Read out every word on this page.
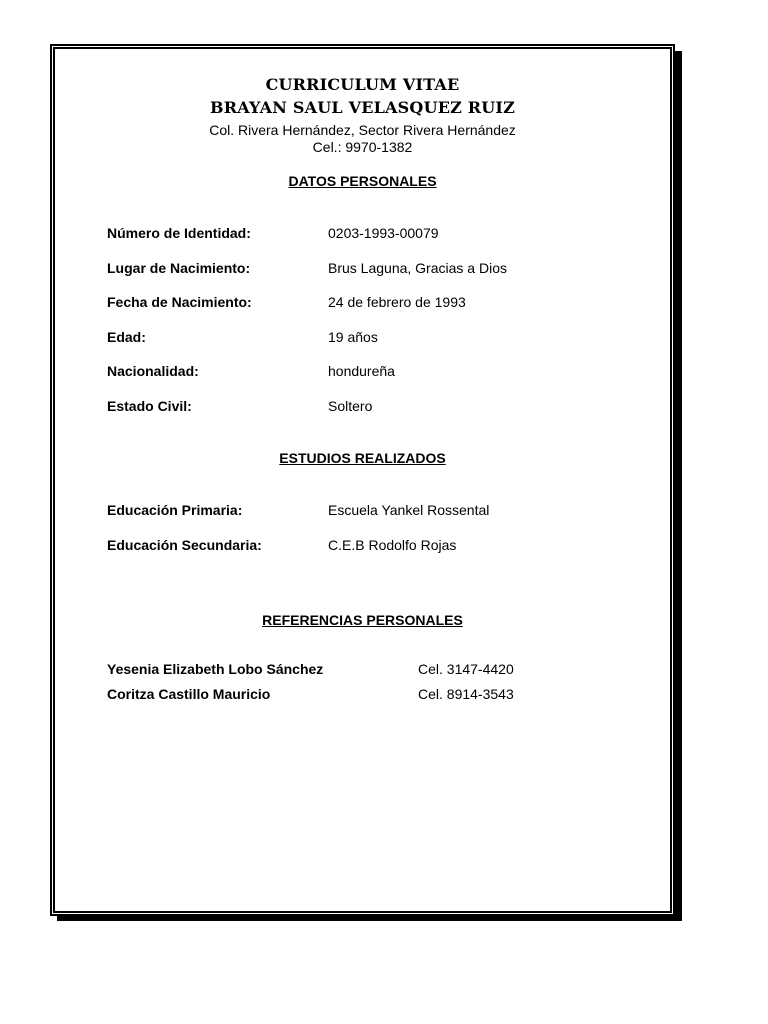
CURRICULUM VITAE
BRAYAN SAUL VELASQUEZ RUIZ
Col. Rivera Hernández, Sector Rivera Hernández
Cel.: 9970-1382
DATOS PERSONALES
Número de Identidad:	0203-1993-00079
Lugar de Nacimiento:	Brus Laguna, Gracias a Dios
Fecha de Nacimiento:	24 de febrero de 1993
Edad:	19 años
Nacionalidad:	hondureña
Estado Civil:	Soltero
ESTUDIOS REALIZADOS
Educación Primaria:	Escuela Yankel Rossental
Educación Secundaria:	C.E.B Rodolfo Rojas
REFERENCIAS PERSONALES
Yesenia Elizabeth Lobo Sánchez	Cel. 3147-4420
Coritza Castillo Mauricio	Cel. 8914-3543
